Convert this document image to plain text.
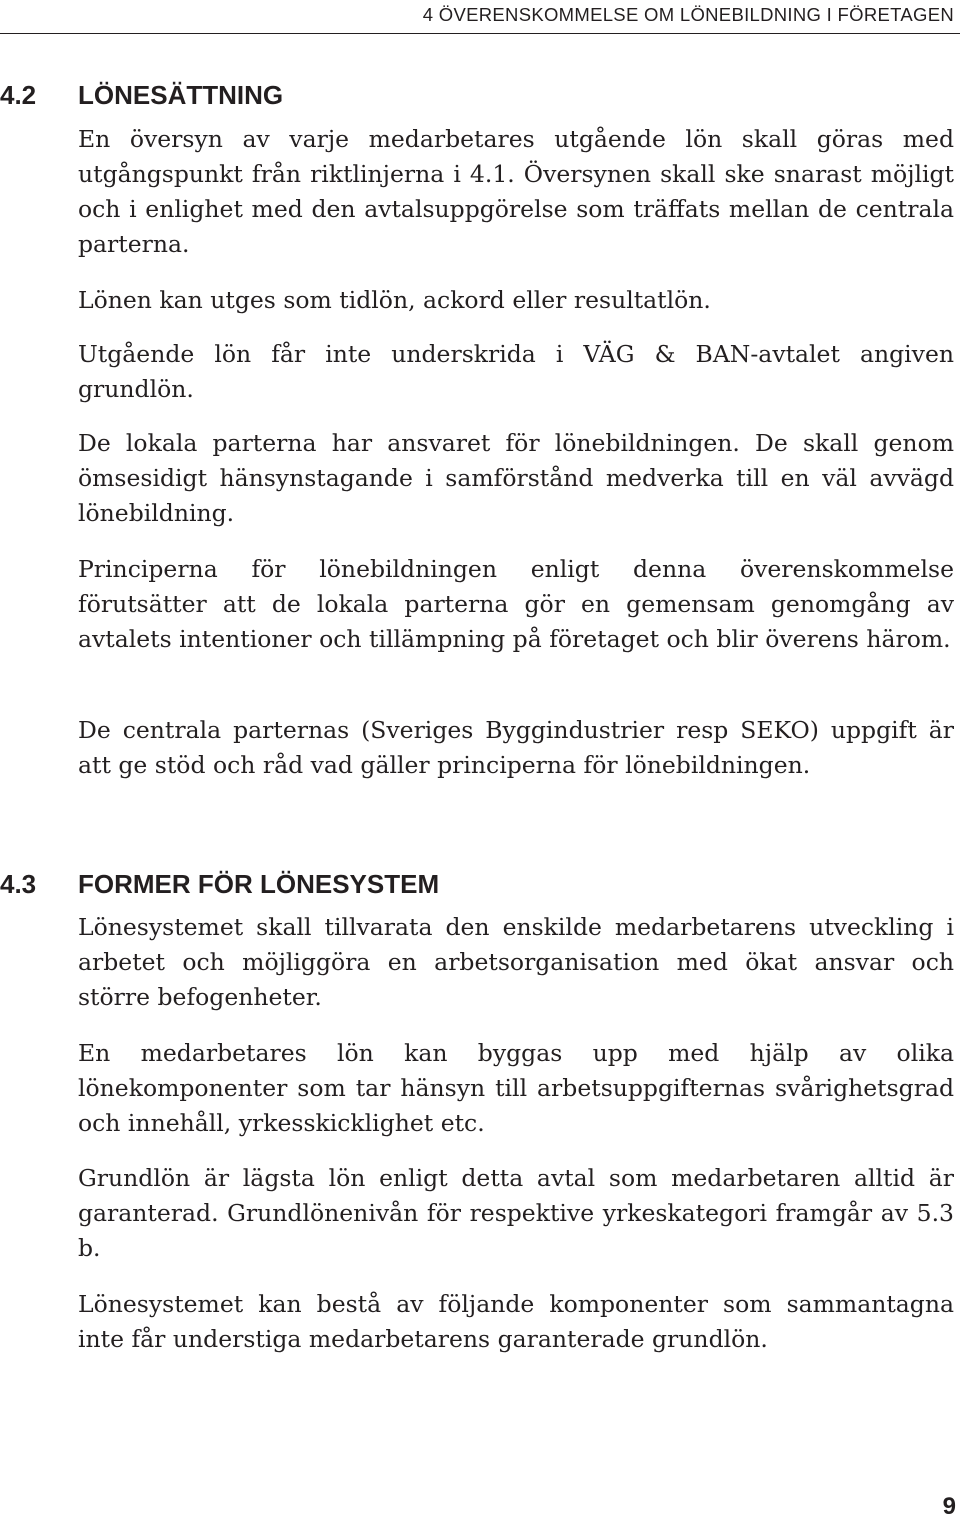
4 ÖVERENSKOMMELSE OM LÖNEBILDNING I FÖRETAGEN
4.2	LÖNESÄTTNING

En översyn av varje medarbetares utgående lön skall göras med utgångspunkt från riktlinjerna i 4.1. Översynen skall ske snarast möjligt och i enlighet med den avtalsuppgörelse som träffats mellan de centrala parterna.

Lönen kan utges som tidlön, ackord eller resultatlön.

Utgående lön får inte underskrida i VÄG & BAN-avtalet angiven grundlön.

De lokala parterna har ansvaret för lönebildningen. De skall genom ömsesidigt hänsynstagande i samförstånd medverka till en väl avvägd lönebildning.

Principerna för lönebildningen enligt denna överenskommelse förutsätter att de lokala parterna gör en gemensam genomgång av avtalets intentioner och tillämpning på företaget och blir överens härom.

De centrala parternas (Sveriges Byggindustrier resp SEKO) uppgift är att ge stöd och råd vad gäller principerna för lönebildningen.

4.3	FORMER FÖR LÖNESYSTEM

Lönesystemet skall tillvarata den enskilde medarbetarens utveckling i arbetet och möjliggöra en arbetsorganisation med ökat ansvar och större befogenheter.

En medarbetares lön kan byggas upp med hjälp av olika lönekomponenter som tar hänsyn till arbetsuppgifternas svårighetsgrad och innehåll, yrkesskicklighet etc.

Grundlön är lägsta lön enligt detta avtal som medarbetaren alltid är garanterad. Grundlönenivån för respektive yrkeskategori framgår av 5.3 b.

Lönesystemet kan bestå av följande komponenter som sammantagna inte får understiga medarbetarens garanterade grundlön.

9
